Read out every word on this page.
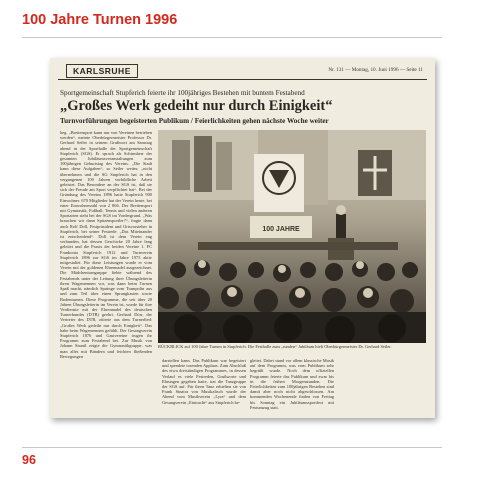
100 Jahre Turnen 1996
KARLSRUHE	Nr. 131 — Montag, 10. Juni 1996 — Seite 11
Sportgemeinschaft Stupferich feierte ihr 100jähriges Bestehen mit buntem Festabend
„Großes Werk gedeiht nur durch Einigkeit“
Turnvorführungen begeisterten Publikum / Feierlichkeiten gehen nächste Woche weiter
heg. „Breitensport kann nur von Vereinen betrieben werden“, meinte Oberbürgermeister Professor Dr. Gerhard Seiler in seinem Grußwort am Samstag abend in der Sporthalle der Sportgemeinschaft Stupferich (SGS). Er sprach als Schirmherr der gesamten Jubiläumsveranstaltungen zum 100jährigen Geburtstag des Vereins. „Die Stadt kann diese Aufgaben“, so Seiler weiter, „nicht übernehmen und die SG Stupferich hat in den vergangenen 100 Jahren vorbildliche Arbeit geleistet. Das Besondere an der SGS ist, daß sie sich der Freude am Sport verpflichtet hat“. Bei der Gründung des Vereins 1896 hatte Stupferich 900 Einwohner. 670 Mitglieder hat der Verein heute, bei einer Einwohnerzahl von 2 866. Der Breitensport mit Gymnastik, Fußball, Tennis und vielen anderen Sportarten steht bei der SGS im Vordergrund. „Was brauchen wir dann Spitzensportler?“, fragte dann auch Rolf Doll, Festpräsident und Ortsvorsteher in Stupferich, bei seiner Festrede. „Das Miteinander ist entscheidend“. Doll ist dem Verein eng verbunden, hat dessen Geschicke 20 Jahre lang geleitet und die Praxis der beiden Vereine 1. FC Frankonia Stupferich 1912 und Turnverein Stupferich 1896 zur SGS im Jahre 1973 aktiv mitgestaltet. Für diese Leistungen wurde er vom Verein mit der goldenen Ehrennadel ausgezeichnet. Die Mädchenturngruppe fiebte während des Festabends unter der Leitung ihrer Übungsleiterin ihren Wagenrennen vor, was dann beim Turnen Spaß macht, nämlich Sprünge vom Trampolin aus und zum Teil über einen Sprungkasten sowie Bodenturnen. Diese Programme, die seit über 20 Jahren Übungsleiterin im Verein ist, wurde für ihre Verdienste mit der Ehrennadel des deutschen Turnerbundes (DTB) geehrt. Gerhard Dörr, der Vertreter des DTB, zitierte aus dem Turnerlied: „Großes Werk gedeiht nur durch Einigkeit“. Das habe beim Wagenrennen gefühlt. Der Gesangverein Stupferich 1876 und Gastvereine trugen ihr Programm zum Festabend bei. Zur Musik von Johann Strauß zeigte die Gymnastikgruppe, was man alles mit Bändern und leichten fließenden Bewegungen
100 JAHRE
RÜCKBLICK auf 100 Jahre Turnen in Stupferich: Die Festhalle zum „runden“ Jubiläum hielt Oberbürgermeister Dr. Gerhard Seiler.
darstellen kann. Das Publikum war begeistert und spendete tosenden Applaus. Zum Abschluß des etwa dreistündigen Programmes, in dessen Verlauf es viele Festreden, Grußworte und Ehrungen gegeben hatte, trat die Tanzgruppe der SGS auf. Für ihren Tanz erhielten sie von Frank Sinatra von Musikalisch wurde der Abend vom Musikverein „Lyra“ und dem Gesangverein „Eintracht“ aus Stupferich be-
gleitet. Dabei stand vor allem klassische Musik auf dem Programm, was vom Publikum sehr begrüßt wurde. Noch dem offiziellen Programm feierte das Publikum und zwar bis in die frühen Morgenstunden. Die Feierlichkeiten zum 100jährigen Bestehen sind damit aber noch nicht abgeschlossen. Am kommenden Wochenende finden von Freitag bis Sonntag ein Jubiläumssportfest mit Festumzug statt.
96
